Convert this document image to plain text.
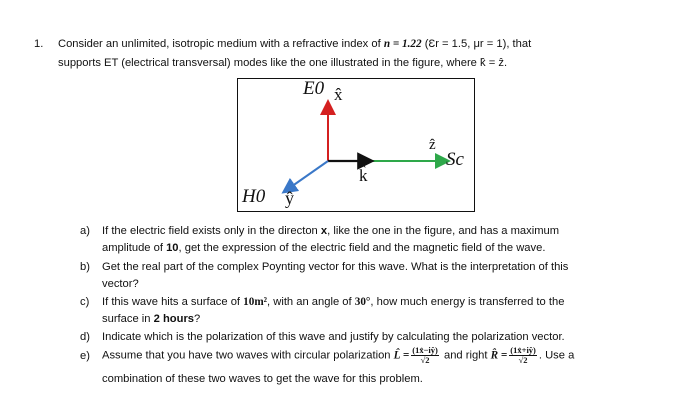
1. Consider an unlimited, isotropic medium with a refractive index of n = 1.22 (Ɛr = 1.5, μr = 1), that
supports ET (electrical transversal) modes like the one illustrated in the figure, where k̂ = ẑ.
E0 x̂
ẑ
Sc
k̂
H0 ŷ
a) If the electric field exists only in the directon x, like the one in the figure, and has a maximum
amplitude of 10, get the expression of the electric field and the magnetic field of the wave.
b) Get the real part of the complex Poynting vector for this wave. What is the interpretation of this
vector?
c) If this wave hits a surface of 10m², with an angle of 30°, how much energy is transferred to the
surface in 2 hours?
d) Indicate which is the polarization of this wave and justify by calculating the polarization vector.
e) Assume that you have two waves with circular polarization L̂ = $\frac{(1x̂-iŷ)}{√2}$ and right R̂ = $\frac{(1x̂+iŷ)}{√2}$ . Use a
combination of these two waves to get the wave for this problem.
